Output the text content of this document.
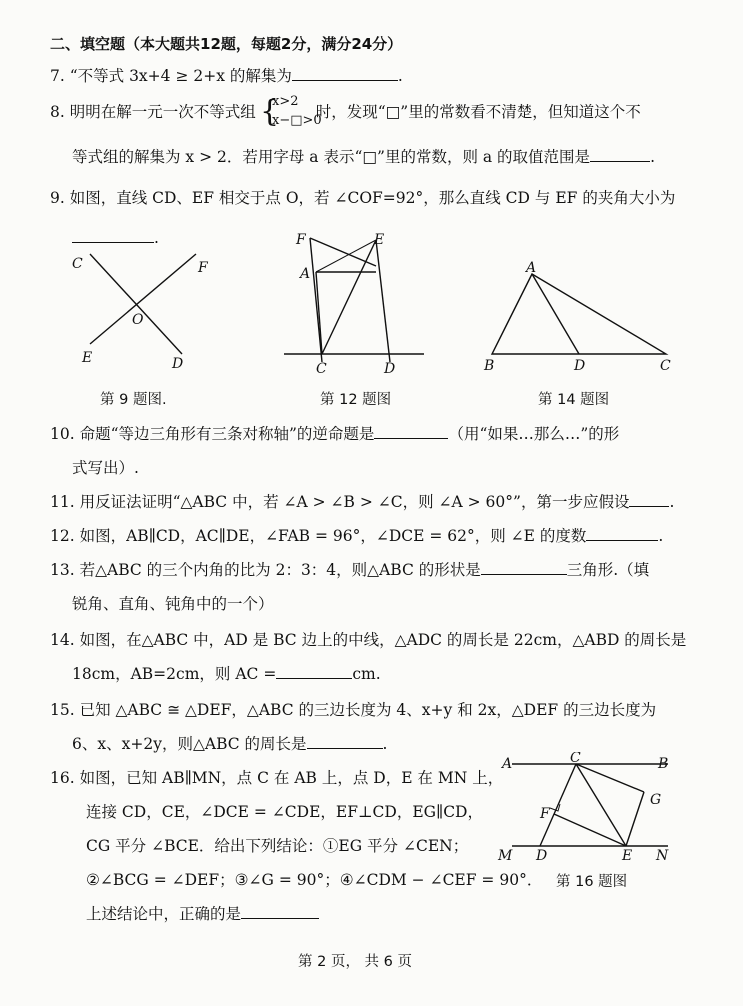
二、填空题（本大题共12题，每题2分，满分24分）
7. “不等式 3x+4 ≥ 2+x 的解集为	.
8. 明明在解一元一次不等式组	时，发现“□”里的常数看不清楚，但知道这个不
{
x>2
x−□>0
等式组的解集为 x > 2．若用字母 a 表示“□”里的常数，则 a 的取值范围是	.
9. 如图，直线 CD、EF 相交于点 O，若 ∠COF=92°，那么直线 CD 与 EF 的夹角大小为
.
C	F
O
E	D
第 9 题图.
F	E
A
C	D
第 12 题图
A
B	D	C
第 14 题图
10. 命题“等边三角形有三条对称轴”的逆命题是	（用“如果…那么…”的形
式写出）.
11. 用反证法证明“△ABC 中，若 ∠A > ∠B > ∠C，则 ∠A > 60°”，第一步应假设	.
12. 如图，AB∥CD，AC∥DE，∠FAB = 96°，∠DCE = 62°，则 ∠E 的度数	.
13. 若△ABC 的三个内角的比为 2：3：4，则△ABC 的形状是	三角形.（填
锐角、直角、钝角中的一个）
14. 如图，在△ABC 中，AD 是 BC 边上的中线，△ADC 的周长是 22cm，△ABD 的周长是
18cm，AB=2cm，则 AC =	cm.
15. 已知 △ABC ≅ △DEF，△ABC 的三边长度为 4、x+y 和 2x，△DEF 的三边长度为
6、x、x+2y，则△ABC 的周长是	.
16. 如图，已知 AB∥MN，点 C 在 AB 上，点 D，E 在 MN 上，
连接 CD，CE，∠DCE = ∠CDE，EF⊥CD，EG∥CD，
CG 平分 ∠BCE．给出下列结论：①EG 平分 ∠CEN；
②∠BCG = ∠DEF；③∠G = 90°；④∠CDM − ∠CEF = 90°．
上述结论中，正确的是
A	C	B
G
F
M D	E N
第 16 题图
第 2 页， 共 6 页
